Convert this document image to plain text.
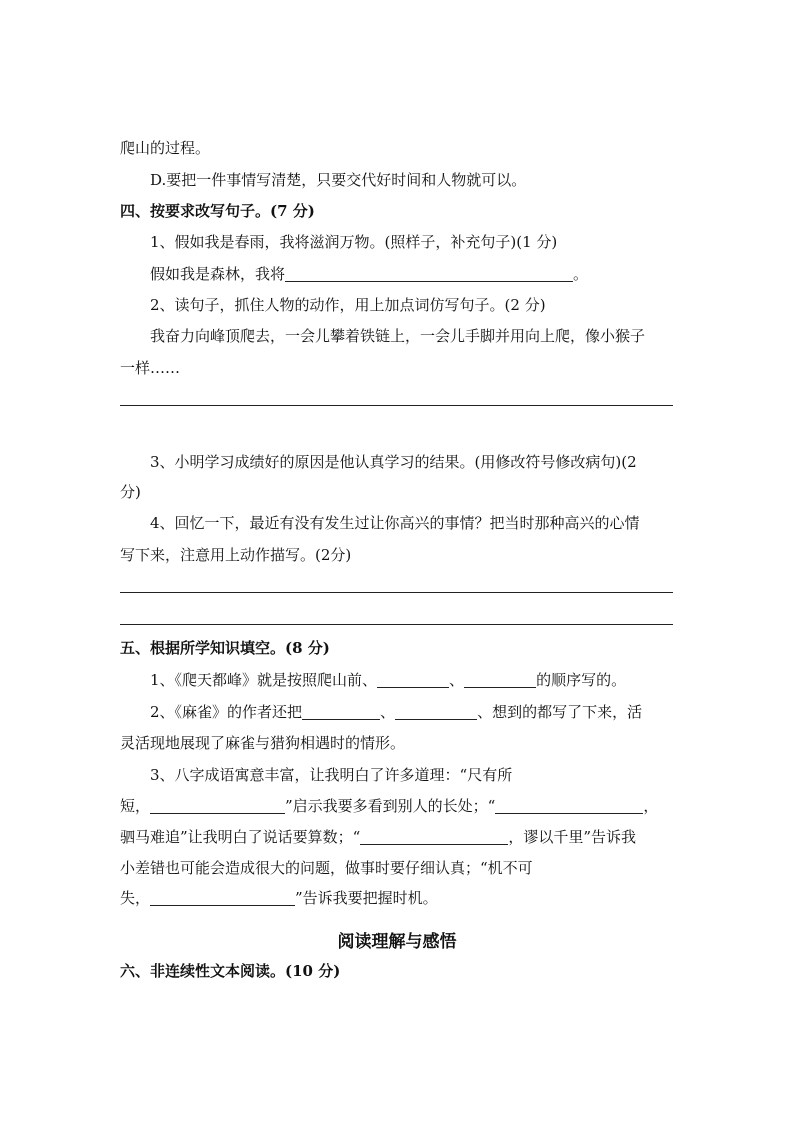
爬山的过程。
D.要把一件事情写清楚，只要交代好时间和人物就可以。
四、按要求改写句子。(7 分)
1、假如我是春雨，我将滋润万物。(照样子，补充句子)(1 分)
假如我是森林，我将	。
2、读句子，抓住人物的动作，用上加点词仿写句子。(2 分)
我奋力向峰顶爬去，一会儿攀着铁链上，一会儿手脚并用向上爬，像小猴子
一样……
3、小明学习成绩好的原因是他认真学习的结果。(用修改符号修改病句)(2
分)
4、回忆一下，最近有没有发生过让你高兴的事情？把当时那种高兴的心情
写下来，注意用上动作描写。(2分)
五、根据所学知识填空。(8 分)
1、《爬天都峰》就是按照爬山前、	、	的顺序写的。
2、《麻雀》的作者还把	、	、想到的都写了下来，活
灵活现地展现了麻雀与猎狗相遇时的情形。
3、八字成语寓意丰富，让我明白了许多道理：“尺有所
短，	”启示我要多看到别人的长处；“	，
驷马难追”让我明白了说话要算数；“	，谬以千里”告诉我
小差错也可能会造成很大的问题，做事时要仔细认真；“机不可
失，	”告诉我要把握时机。
阅读理解与感悟
六、非连续性文本阅读。(10 分)
